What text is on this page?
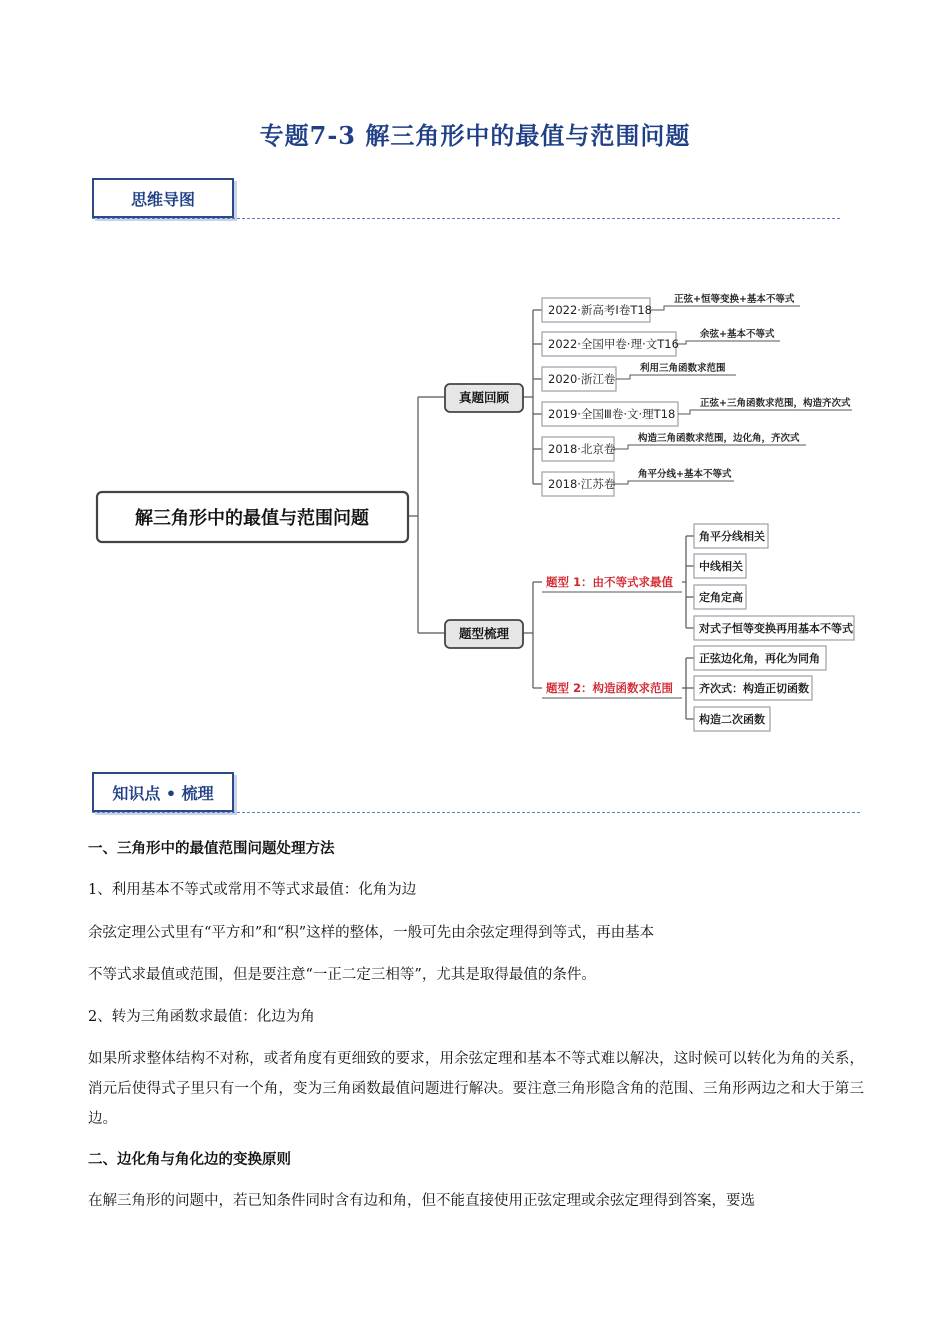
专题7-3 解三角形中的最值与范围问题
思维导图
解三角形中的最值与范围问题
真题回顾
题型梳理
2022·新高考Ⅰ卷T18
2022·全国甲卷·理·文T16
2020·浙江卷
2019·全国Ⅲ卷·文·理T18
2018·北京卷
2018·江苏卷
正弦+恒等变换+基本不等式
余弦+基本不等式
利用三角函数求范围
正弦+三角函数求范围，构造齐次式
构造三角函数求范围，边化角，齐次式
角平分线+基本不等式
题型 1：由不等式求最值
题型 2：构造函数求范围
角平分线相关
中线相关
定角定高
对式子恒等变换再用基本不等式
正弦边化角，再化为同角
齐次式：构造正切函数
构造二次函数
知识点 • 梳理
一、三角形中的最值范围问题处理方法
1、利用基本不等式或常用不等式求最值：化角为边
余弦定理公式里有“平方和”和“积”这样的整体，一般可先由余弦定理得到等式，再由基本
不等式求最值或范围，但是要注意“一正二定三相等”，尤其是取得最值的条件。
2、转为三角函数求最值：化边为角
如果所求整体结构不对称，或者角度有更细致的要求，用余弦定理和基本不等式难以解决，这时候可以转化为角的关系，消元后使得式子里只有一个角，变为三角函数最值问题进行解决。要注意三角形隐含角的范围、三角形两边之和大于第三边。
二、边化角与角化边的变换原则
在解三角形的问题中，若已知条件同时含有边和角，但不能直接使用正弦定理或余弦定理得到答案，要选
